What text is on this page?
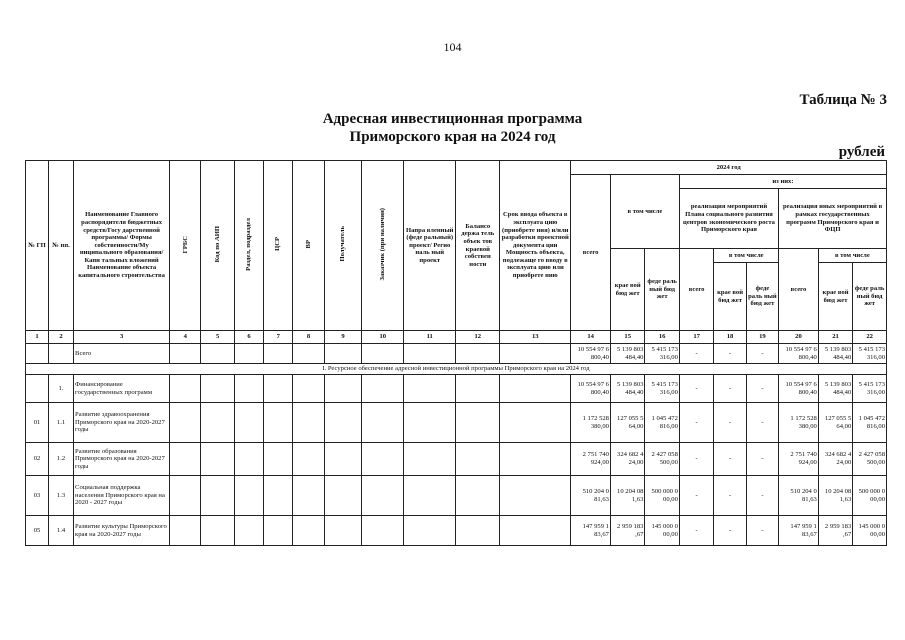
104
Таблица № 3
Адресная инвестиционная программа
Приморского края на 2024 год
рублей
№ ГП	№ пп.	Наименование Главного распорядителя бюджетных средств/Госу дарственной программы/ Формы собственности/Му ниципального образования/Капи тальных вложений Наименование объекта капитального строительства	ГРБС	Код по АИП	Раздел, подраздел	ЦСР	ВР	Получатель	Заказчик (при наличии)	Напра вленный (феде ральный) проект/ Регио наль ный проект	Балансо держа тель объек тов краевой собствен ности	Срок ввода объекта в эксплуата цию (приобрете ния) и/или разработки проектной документа ции Мощность объекта, подлежаще го вводу в эксплуата цию или приобрете нию	2024 год								
													всего	в том числе		из них:					
																реализация мероприятий Плана социального развития центров экономического роста Приморского края			реализация иных мероприятий в рамках государственных программ Приморского края и ФЦП		
														крае вой бюд жет	феде раль ный бюд жет	всего	в том числе		всего	в том числе	
																	крае вой бюд жет	феде раль ный бюд жет		крае вой бюд жет	феде раль ный бюд жет
1	2	3	4	5	6	7	8	9	10	11	12	13	14	15	16	17	18	19	20	21	22
		Всего											10 554 97 6 800,40	5 139 803 484,40	5 415 173 316,00	-	-	-	10 554 97 6 800,40	5 139 803 484,40	5 415 173 316,00
I. Ресурсное обеспечение адресной инвестиционной программы Приморского края на 2024 год																					
	1.	Финансирование государственных программ											10 554 97 6 800,40	5 139 803 484,40	5 415 173 316,00	-	-	-	10 554 97 6 800,40	5 139 803 484,40	5 415 173 316,00
01	1.1	Развитие здравоохранения Приморского края на 2020-2027 годы											1 172 528 380,00	127 055 5 64,00	1 045 472 816,00	-	-	-	1 172 528 380,00	127 055 5 64,00	1 045 472 816,00
02	1.2	Развитие образования Приморского края на 2020-2027 годы											2 751 740 924,00	324 682 4 24,00	2 427 058 500,00	-	-	-	2 751 740 924,00	324 682 4 24,00	2 427 058 500,00
03	1.3	Социальная поддержка населения Приморского края на 2020 - 2027 годы											510 204 0 81,63	10 204 08 1,63	500 000 0 00,00	-	-	-	510 204 0 81,63	10 204 08 1,63	500 000 0 00,00
05	1.4	Развитие культуры Приморского края на 2020-2027 годы											147 959 1 83,67	2 959 183 ,67	145 000 0 00,00	-	-	-	147 959 1 83,67	2 959 183 ,67	145 000 0 00,00
